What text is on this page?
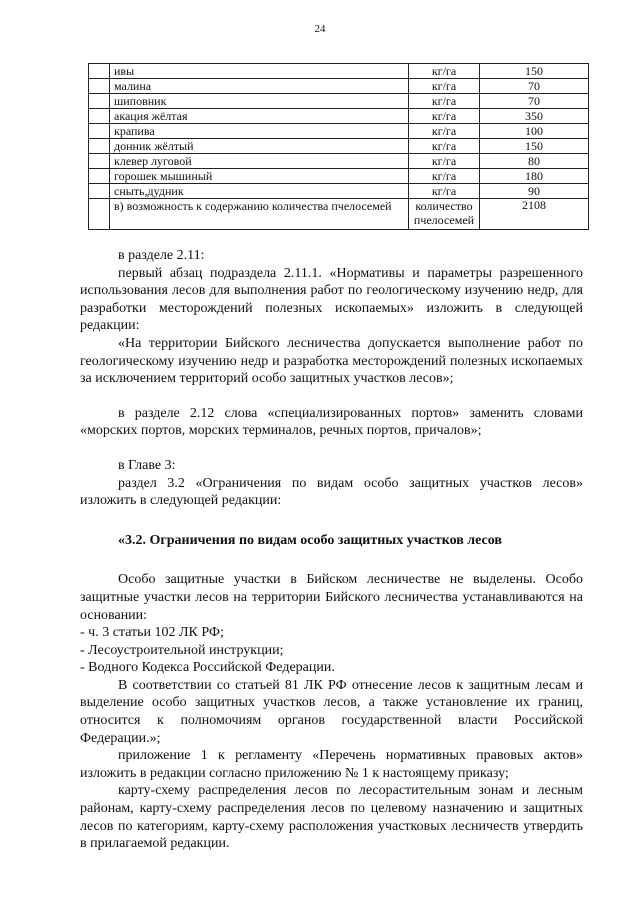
24
	ивы	кг/га	150
	малина	кг/га	70
	шиповник	кг/га	70
	акация жёлтая	кг/га	350
	крапива	кг/га	100
	донник жёлтый	кг/га	150
	клевер луговой	кг/га	80
	горошек мышиный	кг/га	180
	сныть,дудник	кг/га	90
	в) возможность к содержанию количества пчелосемей	количество пчелосемей	2108

в разделе 2.11:

первый абзац подраздела 2.11.1. «Нормативы и параметры разрешенного использования лесов для выполнения работ по геологическому изучению недр, для разработки месторождений полезных ископаемых» изложить в следующей редакции:

«На территории Бийского лесничества допускается выполнение работ по геологическому изучению недр и разработка месторождений полезных ископаемых за исключением территорий особо защитных участков лесов»;

в разделе 2.12 слова «специализированных портов» заменить словами «морских портов, морских терминалов, речных портов, причалов»;

в Главе 3:

раздел 3.2 «Ограничения по видам особо защитных участков лесов» изложить в следующей редакции:

«3.2. Ограничения по видам особо защитных участков лесов

Особо защитные участки в Бийском лесничестве не выделены. Особо защитные участки лесов на территории Бийского лесничества устанавливаются на основании:

- ч. 3 статьи 102 ЛК РФ;

- Лесоустроительной инструкции;

- Водного Кодекса Российской Федерации.

В соответствии со статьей 81 ЛК РФ отнесение лесов к защитным лесам и выделение особо защитных участков лесов, а также установление их границ, относится к полномочиям органов государственной власти Российской Федерации.»;

приложение 1 к регламенту «Перечень нормативных правовых актов» изложить в редакции согласно приложению № 1 к настоящему приказу;

карту-схему распределения лесов по лесорастительным зонам и лесным районам, карту-схему распределения лесов по целевому назначению и защитных лесов по категориям, карту-схему расположения участковых лесничеств утвердить в прилагаемой редакции.
